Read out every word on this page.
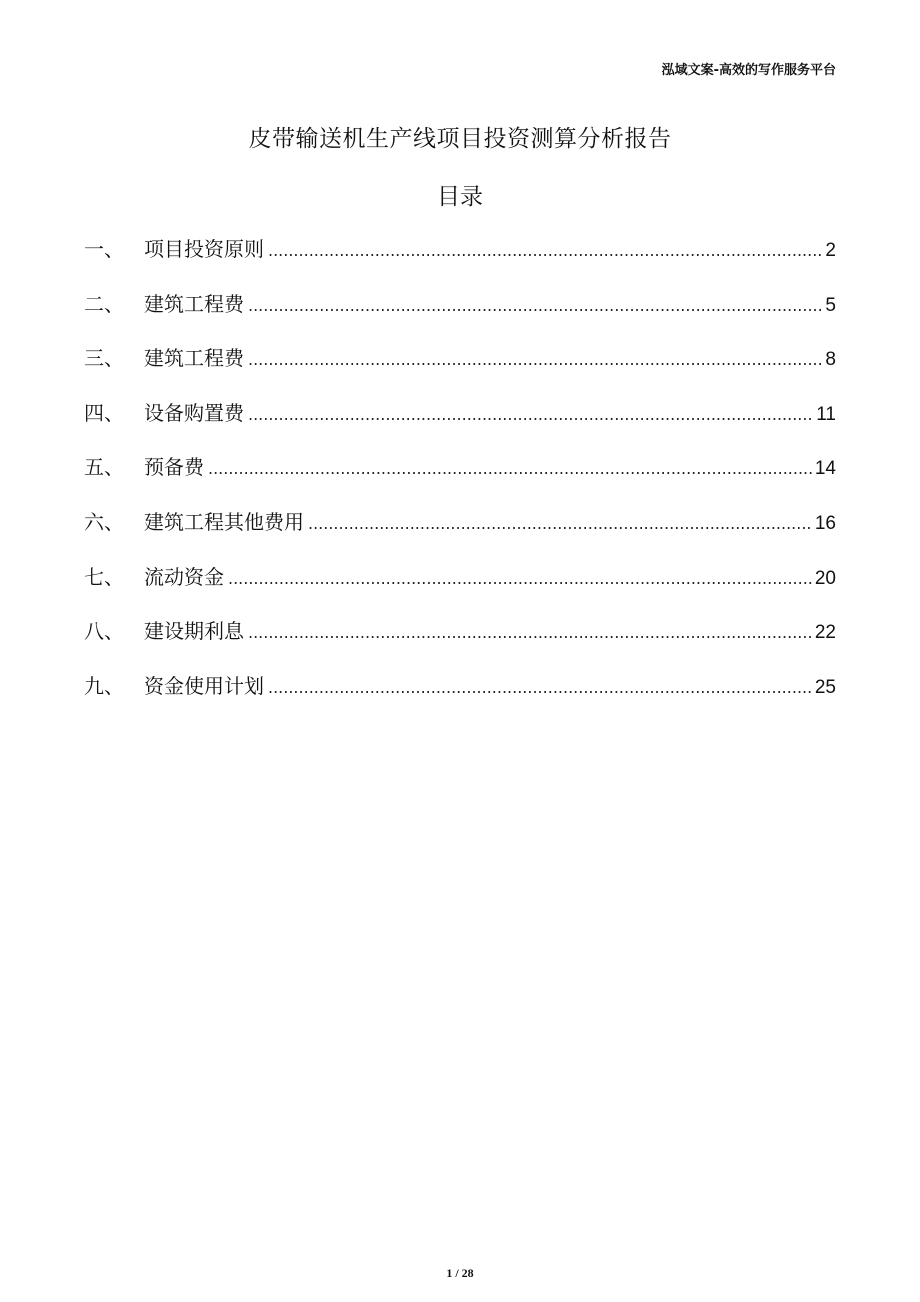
泓域文案-高效的写作服务平台
皮带输送机生产线项目投资测算分析报告
目录
一、	项目投资原则 .....	2
二、	建筑工程费 .....	5
三、	建筑工程费 .....	8
四、	设备购置费 .....	11
五、	预备费 .....	14
六、	建筑工程其他费用 .....	16
七、	流动资金 .....	20
八、	建设期利息 .....	22
九、	资金使用计划 .....	25
1 / 28
